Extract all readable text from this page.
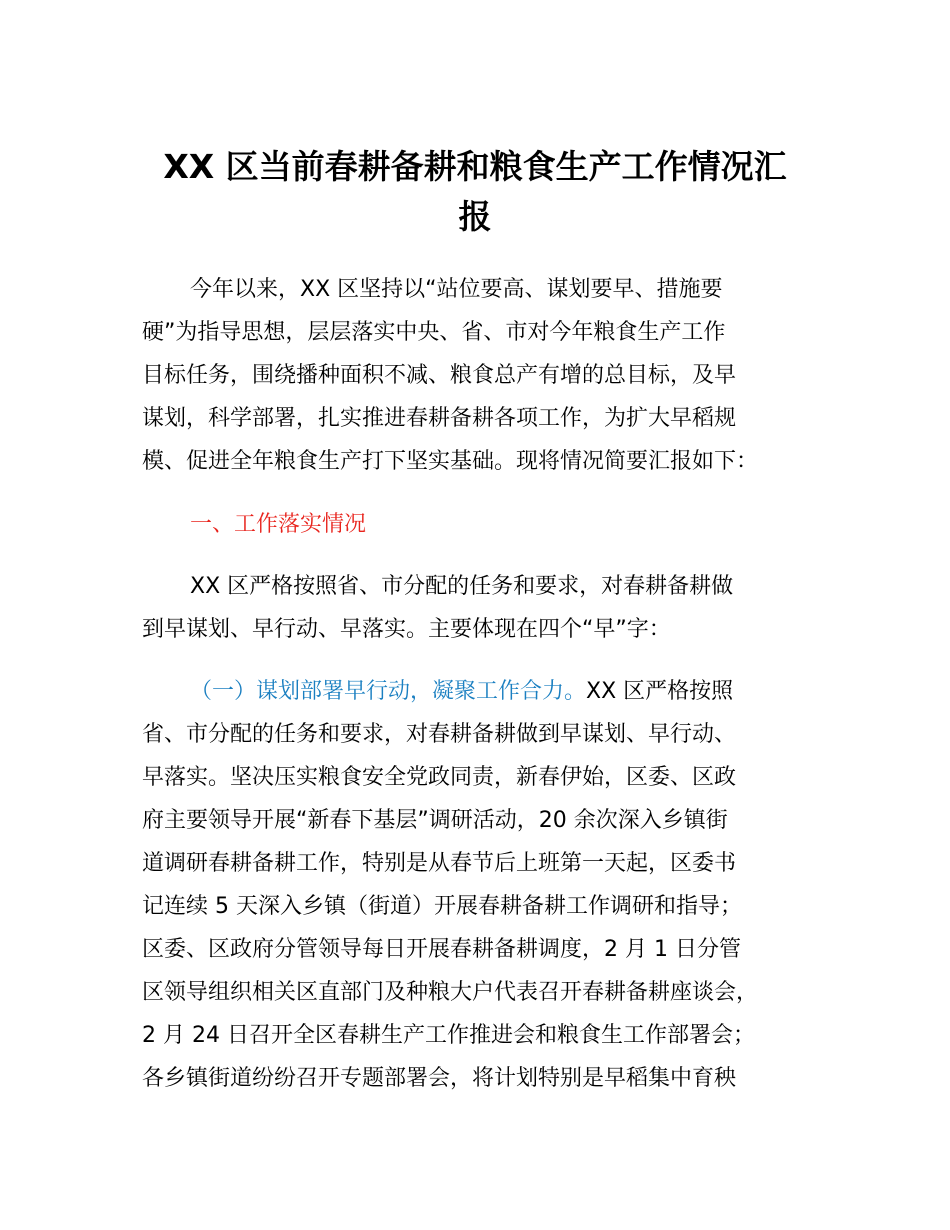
XX 区当前春耕备耕和粮食生产工作情况汇
报

今年以来，XX 区坚持以“站位要高、谋划要早、措施要

硬”为指导思想，层层落实中央、省、市对今年粮食生产工作

目标任务，围绕播种面积不减、粮食总产有增的总目标，及早

谋划，科学部署，扎实推进春耕备耕各项工作，为扩大早稻规

模、促进全年粮食生产打下坚实基础。现将情况简要汇报如下：

一、工作落实情况

XX 区严格按照省、市分配的任务和要求，对春耕备耕做

到早谋划、早行动、早落实。主要体现在四个“早”字：

（一）谋划部署早行动，凝聚工作合力。XX 区严格按照

省、市分配的任务和要求，对春耕备耕做到早谋划、早行动、

早落实。坚决压实粮食安全党政同责，新春伊始，区委、区政

府主要领导开展“新春下基层”调研活动，20 余次深入乡镇街

道调研春耕备耕工作，特别是从春节后上班第一天起，区委书

记连续 5 天深入乡镇（街道）开展春耕备耕工作调研和指导；

区委、区政府分管领导每日开展春耕备耕调度，2 月 1 日分管

区领导组织相关区直部门及种粮大户代表召开春耕备耕座谈会，

2 月 24 日召开全区春耕生产工作推进会和粮食生工作部署会；

各乡镇街道纷纷召开专题部署会，将计划特别是早稻集中育秧
